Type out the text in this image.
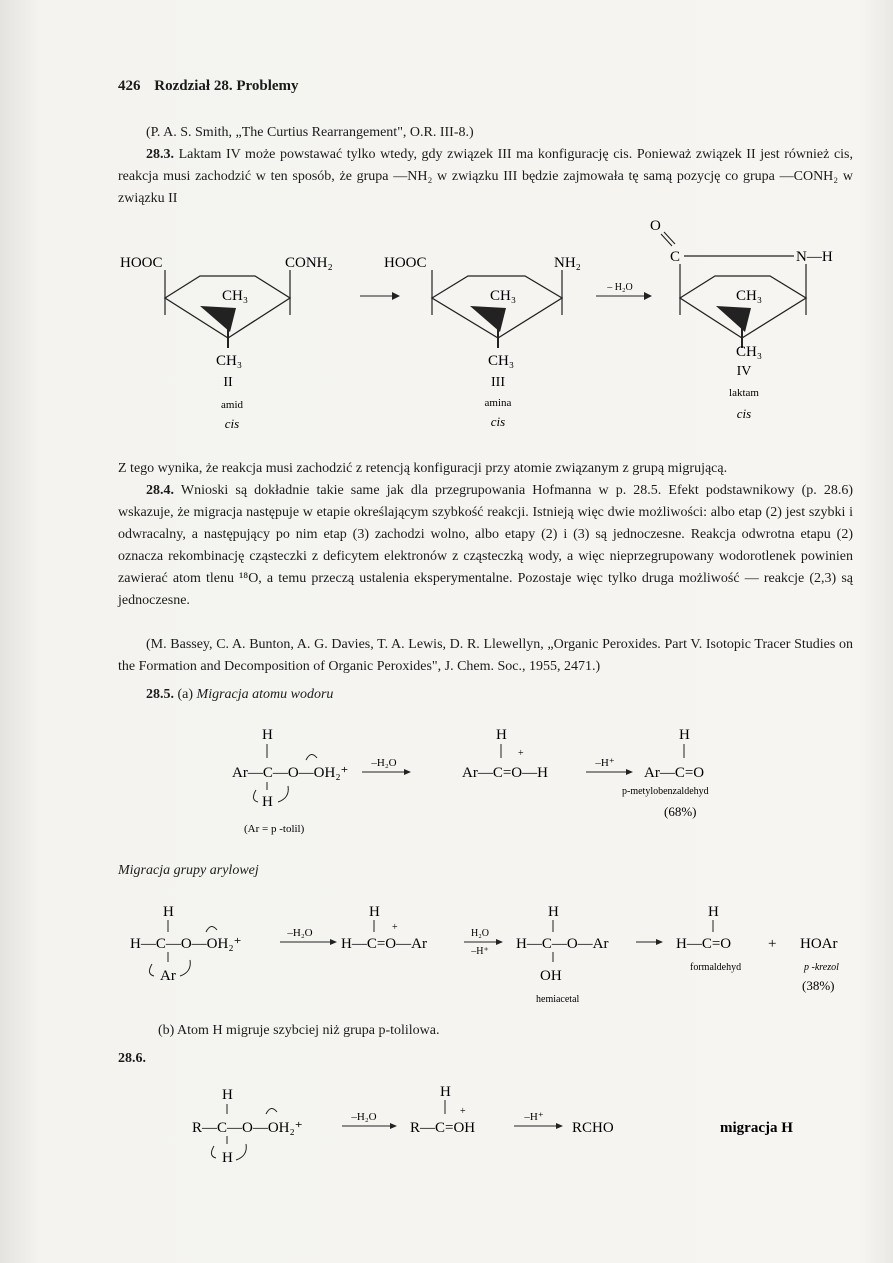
426 Rozdział 28. Problemy
(P. A. S. Smith, „The Curtius Rearrangement", O.R. III-8.)
28.3. Laktam IV może powstawać tylko wtedy, gdy związek III ma konfigurację cis. Ponieważ związek II jest również cis, reakcja musi zachodzić w ten sposób, że grupa —NH₂ w związku III będzie zajmowała tę samą pozycję co grupa —CONH₂ w związku II
HOOC	CONH₂
CH₃
CH₃
II
amid
cis
HOOC	NH₂
CH₃
CH₃
III
amina
cis
– H₂O
O
C	N—H
CH₃
CH₃
IV
laktam
cis
Z tego wynika, że reakcja musi zachodzić z retencją konfiguracji przy atomie związanym z grupą migrującą.
28.4. Wnioski są dokładnie takie same jak dla przegrupowania Hofmanna w p. 28.5. Efekt podstawnikowy (p. 28.6) wskazuje, że migracja następuje w etapie określającym szybkość reakcji. Istnieją więc dwie możliwości: albo etap (2) jest szybki i odwracalny, a następujący po nim etap (3) zachodzi wolno, albo etapy (2) i (3) są jednoczesne. Reakcja odwrotna etapu (2) oznacza rekombinację cząsteczki z deficytem elektronów z cząsteczką wody, a więc nieprzegrupowany wodorotlenek powinien zawierać atom tlenu ¹⁸O, a temu przeczą ustalenia eksperymentalne. Pozostaje więc tylko druga możliwość — reakcje (2,3) są jednoczesne.
(M. Bassey, C. A. Bunton, A. G. Davies, T. A. Lewis, D. R. Llewellyn, „Organic Peroxides. Part V. Isotopic Tracer Studies on the Formation and Decomposition of Organic Peroxides", J. Chem. Soc., 1955, 2471.)
28.5. (a) Migracja atomu wodoru
H
Ar—C—O—OH₂⁺
H
–H₂O
H
+
Ar—C=O—H
–H⁺
H
Ar—C=O
p-metylobenzaldehyd
(68%)
(Ar = p -tolil)
Migracja grupy arylowej
H
H—C—O—OH₂⁺
Ar
–H₂O
H
+
H—C=O—Ar
H₂O
–H⁺
H
H—C—O—Ar
OH
hemiacetal
H
H—C=O
formaldehyd
+ HOAr
p -krezol
(38%)
(b) Atom H migruje szybciej niż grupa p-tolilowa.
28.6.
H
R—C—O—OH₂⁺
H
–H₂O
H
+
R—C=OH
–H⁺
RCHO	migracja H
